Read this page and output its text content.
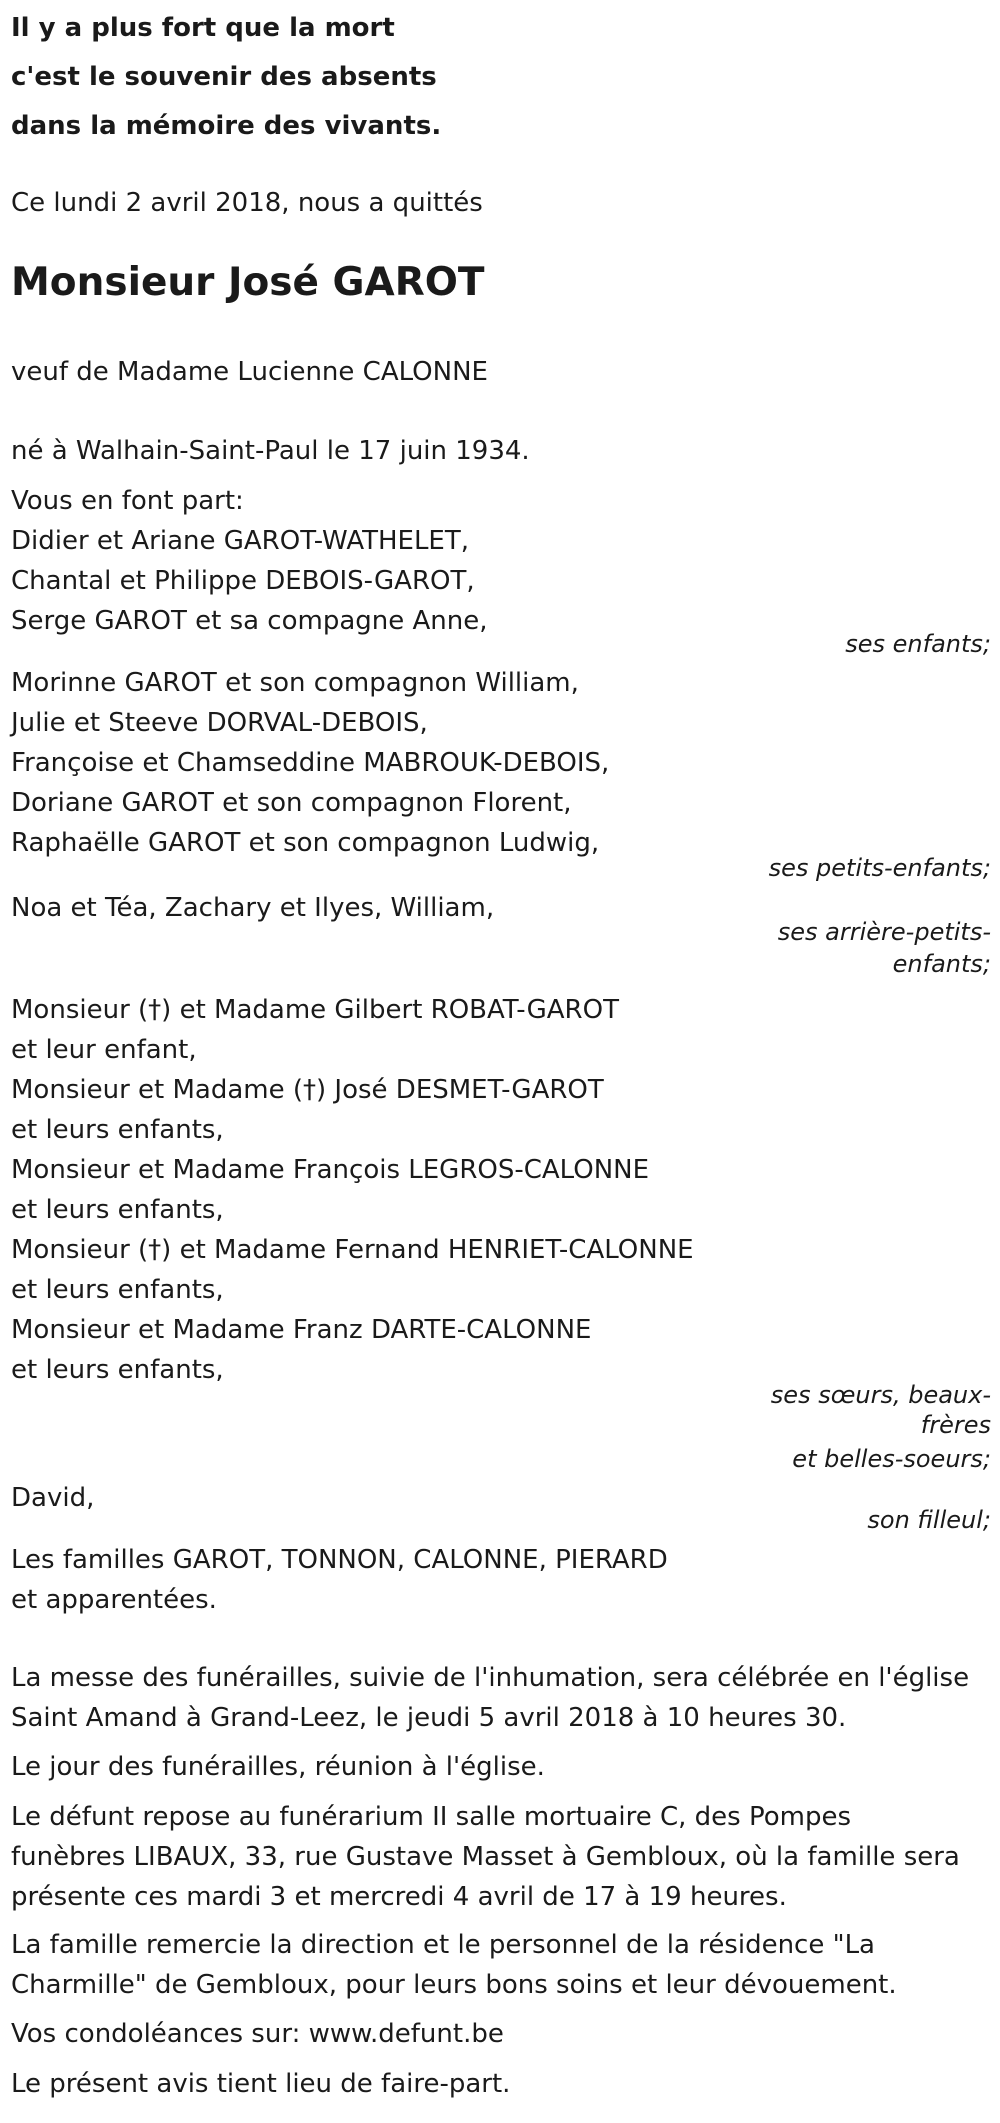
Il y a plus fort que la mort
c'est le souvenir des absents
dans la mémoire des vivants.
Ce lundi 2 avril 2018, nous a quittés
Monsieur José GAROT
veuf de Madame Lucienne CALONNE
né à Walhain-Saint-Paul le 17 juin 1934.
Vous en font part:
Didier et Ariane GAROT-WATHELET,
Chantal et Philippe DEBOIS-GAROT,
Serge GAROT et sa compagne Anne,
ses enfants;
Morinne GAROT et son compagnon William,
Julie et Steeve DORVAL-DEBOIS,
Françoise et Chamseddine MABROUK-DEBOIS,
Doriane GAROT et son compagnon Florent,
Raphaëlle GAROT et son compagnon Ludwig,
ses petits-enfants;
Noa et Téa, Zachary et Ilyes, William,
ses arrière-petits-
enfants;
Monsieur (†) et Madame Gilbert ROBAT-GAROT
et leur enfant,
Monsieur et Madame (†) José DESMET-GAROT
et leurs enfants,
Monsieur et Madame François LEGROS-CALONNE
et leurs enfants,
Monsieur (†) et Madame Fernand HENRIET-CALONNE
et leurs enfants,
Monsieur et Madame Franz DARTE-CALONNE
et leurs enfants,
ses sœurs, beaux-
frères
et belles-soeurs;
David,
son filleul;
Les familles GAROT, TONNON, CALONNE, PIERARD
et apparentées.
La messe des funérailles, suivie de l'inhumation, sera célébrée en l'église
Saint Amand à Grand-Leez, le jeudi 5 avril 2018 à 10 heures 30.
Le jour des funérailles, réunion à l'église.
Le défunt repose au funérarium II salle mortuaire C, des Pompes
funèbres LIBAUX, 33, rue Gustave Masset à Gembloux, où la famille sera
présente ces mardi 3 et mercredi 4 avril de 17 à 19 heures.
La famille remercie la direction et le personnel de la résidence "La
Charmille" de Gembloux, pour leurs bons soins et leur dévouement.
Vos condoléances sur: www.defunt.be
Le présent avis tient lieu de faire-part.
